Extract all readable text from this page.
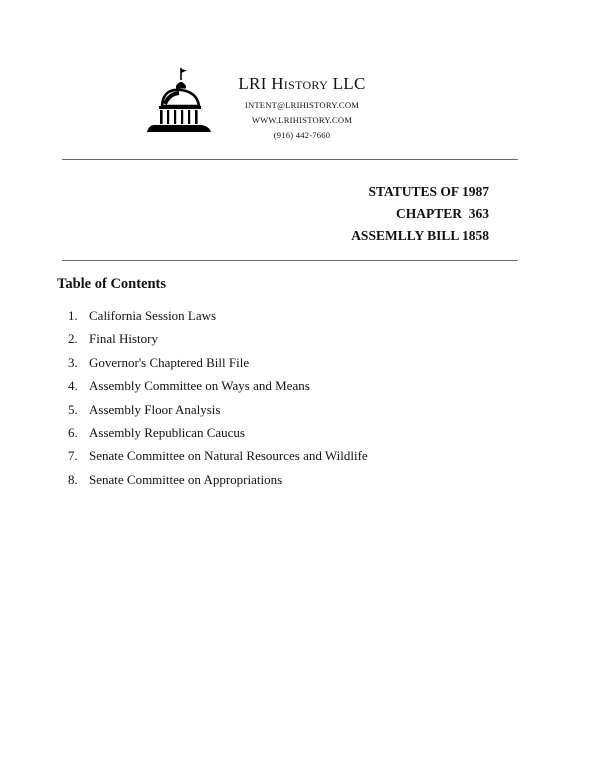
LRI History LLC
INTENT@LRIHISTORY.COM
WWW.LRIHISTORY.COM
(916) 442-7660
STATUTES OF 1987
CHAPTER  363
ASSEMLLY BILL 1858
Table of Contents
1. California Session Laws
2. Final History
3. Governor's Chaptered Bill File
4. Assembly Committee on Ways and Means
5. Assembly Floor Analysis
6. Assembly Republican Caucus
7. Senate Committee on Natural Resources and Wildlife
8. Senate Committee on Appropriations
